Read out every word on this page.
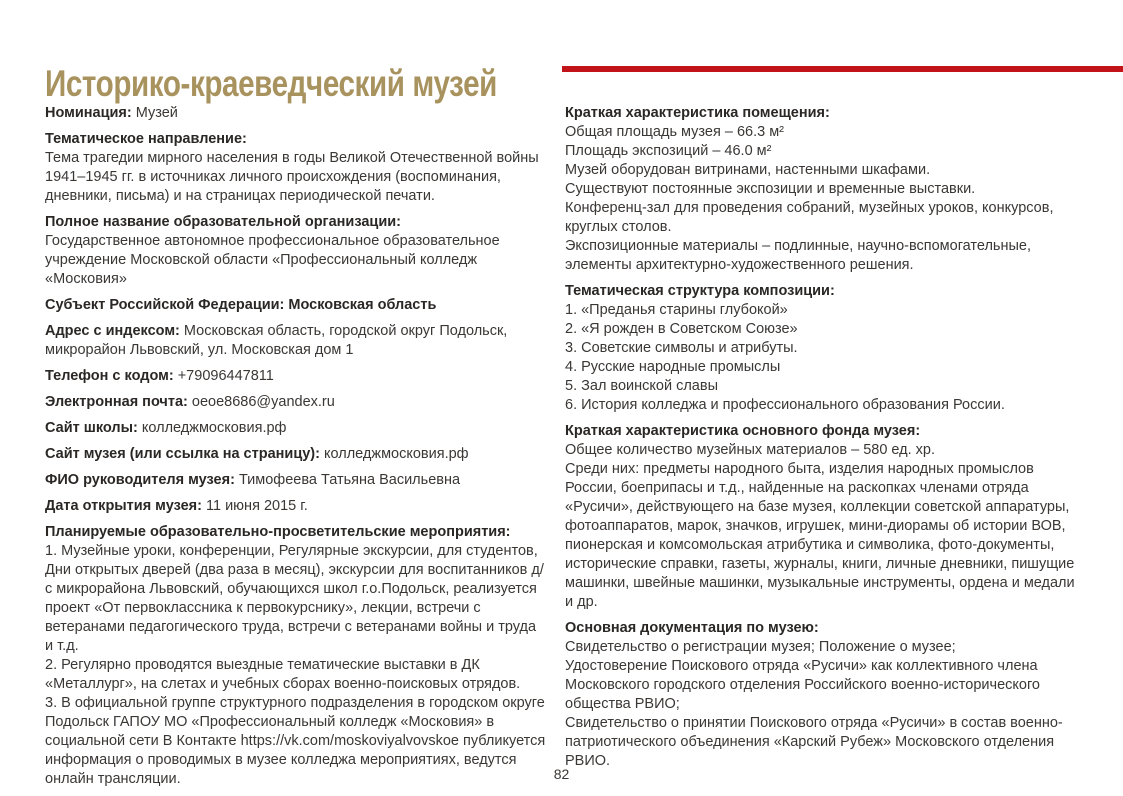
Историко-краеведческий музей

Номинация: Музей

Тематическое направление:
Тема трагедии мирного населения в годы Великой Отечественной войны 1941–1945 гг. в источниках личного происхождения (воспоминания, дневники, письма) и на страницах периодической печати.
Полное название образовательной организации:
Государственное автономное профессиональное образовательное учреждение Московской области «Профессиональный колледж «Московия»

Субъект Российской Федерации: Московская область

Адрес с индексом: Московская область, городской округ Подольск, микрорайон Львовский, ул. Московская дом 1

Телефон с кодом: +79096447811

Электронная почта: oeoe8686@yandex.ru

Сайт школы: колледжмосковия.рф

Сайт музея (или ссылка на страницу): колледжмосковия.рф

ФИО руководителя музея: Тимофеева Татьяна Васильевна

Дата открытия музея: 11 июня 2015 г.

Планируемые образовательно-просветительские мероприятия:
1. Музейные уроки, конференции, Регулярные экскурсии, для студентов, Дни открытых дверей (два раза в месяц), экскурсии для воспитанников д/с микрорайона Львовский, обучающихся школ г.о.Подольск, реализуется проект «От первоклассника к первокурснику», лекции, встречи с ветеранами педагогического труда, встречи с ветеранами войны и труда и т.д.
2. Регулярно проводятся выездные тематические выставки в ДК «Металлург», на слетах и учебных сборах военно-поисковых отрядов.
3. В официальной группе структурного подразделения в городском округе Подольск ГАПОУ МО «Профессиональный колледж «Московия» в социальной сети В Контакте https://vk.com/moskoviyalvovskoe публикуется информация о проводимых в музее колледжа мероприятиях, ведутся онлайн трансляции.
Краткая характеристика помещения:
Общая площадь музея – 66.3 м²
Площадь экспозиций – 46.0 м²
Музей оборудован витринами, настенными шкафами.
Существуют постоянные экспозиции и временные выставки.
Конференц-зал для проведения собраний, музейных уроков, конкурсов, круглых столов.
Экспозиционные материалы – подлинные, научно-вспомогательные, элементы архитектурно-художественного решения.
Тематическая структура композиции:
1. «Преданья старины глубокой»
2. «Я рожден в Советском Союзе»
3. Советские символы и атрибуты.
4. Русские народные промыслы
5. Зал воинской славы
6. История колледжа и профессионального образования России.
Краткая характеристика основного фонда музея:
Общее количество музейных материалов – 580 ед. хр.
Среди них: предметы народного быта, изделия народных промыслов России, боеприпасы и т.д., найденные на раскопках членами отряда «Русичи», действующего на базе музея, коллекции советской аппаратуры, фотоаппаратов, марок, значков, игрушек, мини-диорамы об истории ВОВ, пионерская и комсомольская атрибутика и символика, фото-документы, исторические справки, газеты, журналы, книги, личные дневники, пишущие машинки, швейные машинки, музыкальные инструменты, ордена и медали и др.
Основная документация по музею:
Свидетельство о регистрации музея; Положение о музее;
Удостоверение Поискового отряда «Русичи» как коллективного члена Московского городского отделения Российского военно-исторического общества РВИО;
Свидетельство о принятии Поискового отряда «Русичи» в состав военно-патриотического объединения «Карский Рубеж» Московского отделения РВИО.
82
